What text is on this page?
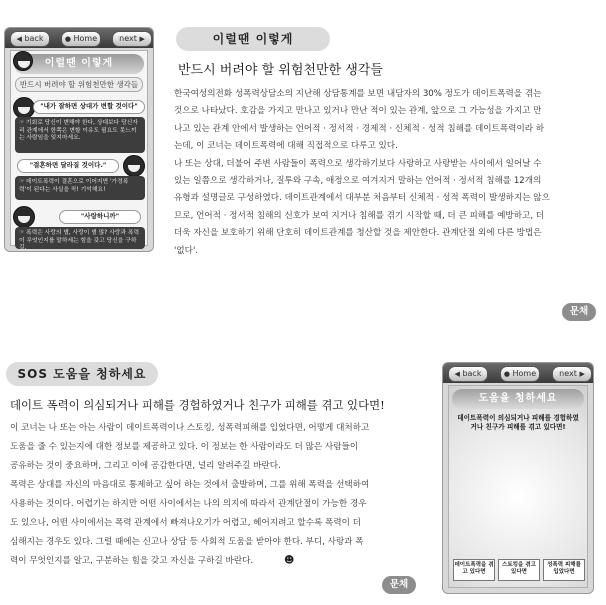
◀ back	● Home	next ▶
이럴땐 이렇게
반드시 버려야 할 위험천만한 생각들
"내가 잘하면 상대가 변할 것이다"
☞ 기회로 당신이 변해야 한다, 상대보다 당신자리 관계에서 한쪽은 변할 이유도 필요도 못느끼는 사람임을 잊지마세요.
"결혼하면 달라질 것이다."
☞ 데이트폭력이 결혼으로 이어지면 '가정폭력'이 된다는 사실을 꼭! 기억해요!
"사랑하니까"
☞ 폭력은 사랑의 별, 사랑이 별 많? 사랑과 폭력이 무엇인지를 말하세는 힘을 갖고 당신을 구하길.
이럴땐 이렇게
반드시 버려야 할 위험천만한 생각들
한국여성의전화 성폭력상담소의 지난해 상담통계를 보면 내담자의 30% 정도가 데이트폭력을 겪는
것으로 나타났다. 호감을 가지고 만나고 있거나 만난 적이 있는 관계, 앞으로 그 가능성을 가지고 만
나고 있는 관계 안에서 발생하는 언어적 · 정서적 · 경제적 · 신체적 · 성적 침해를 데이트폭력이라 하
는데, 이 코너는 데이트폭력에 대해 직접적으로 다루고 있다.
나 또는 상대, 더불어 주변 사람들이 폭력으로 생각하기보다 사랑하고 사랑받는 사이에서 일어날 수
있는 일쯤으로 생각하거나, 질투와 구속, 애정으로 여겨지거 말하는 언어적 · 정서적 침해를 12개의
유형과 설명글로 구성하였다. 데이트관계에서 대부분 처음부터 신체적 · 성적 폭력이 발생하지는 않으
므로, 언어적 · 정서적 침해의 신호가 보여 지거나 침해를 겪기 시작할 때, 더 큰 피해를 예방하고, 더
더욱 자신을 보호하기 위해 단호히 데이트관계를 청산할 것을 제안한다. 관계단절 외에 다른 방법은
'없다'.
문채
SOS 도움을 청하세요
데이트 폭력이 의심되거나 피해를 경험하였거나 친구가 피해를 겪고 있다면!
이 코너는 나 또는 아는 사람이 데이트폭력이나 스토킹, 성폭력피해를 입었다면, 어떻게 대처하고
도움을 줄 수 있는지에 대한 정보를 제공하고 있다. 이 정보는 한 사람이라도 더 많은 사람들이
공유하는 것이 중요하며, 그리고 이에 공감한다면, 널리 알려주길 바란다.
폭력은 상대를 자신의 마음대로 통제하고 싶어 하는 것에서 출발하며, 그를 위해 폭력을 선택하여
사용하는 것이다. 어렵기는 하지만 어떤 사이에서는 나의 의지에 따라서 관계단절이 가능한 경우
도 있으나, 어떤 사이에서는 폭력 관계에서 빠져나오기가 어렵고, 헤어지려고 할수록 폭력이 더
심해지는 경우도 있다. 그럴 때에는 신고나 상담 등 사회적 도움을 받아야 한다. 부디, 사랑과 폭
력이 무엇인지를 알고, 구분하는 힘을 갖고 자신을 구하길 바란다.	☻
문채
◀ back	● Home	next ▶
도움을 청하세요
데이트폭력이 의심되거나 피해를 경험하였거나 친구가 피해를 겪고 있다면!
데이트폭력을 겪고 있다면
스토킹을 겪고 있다면
성폭력 피해를 입었다면
